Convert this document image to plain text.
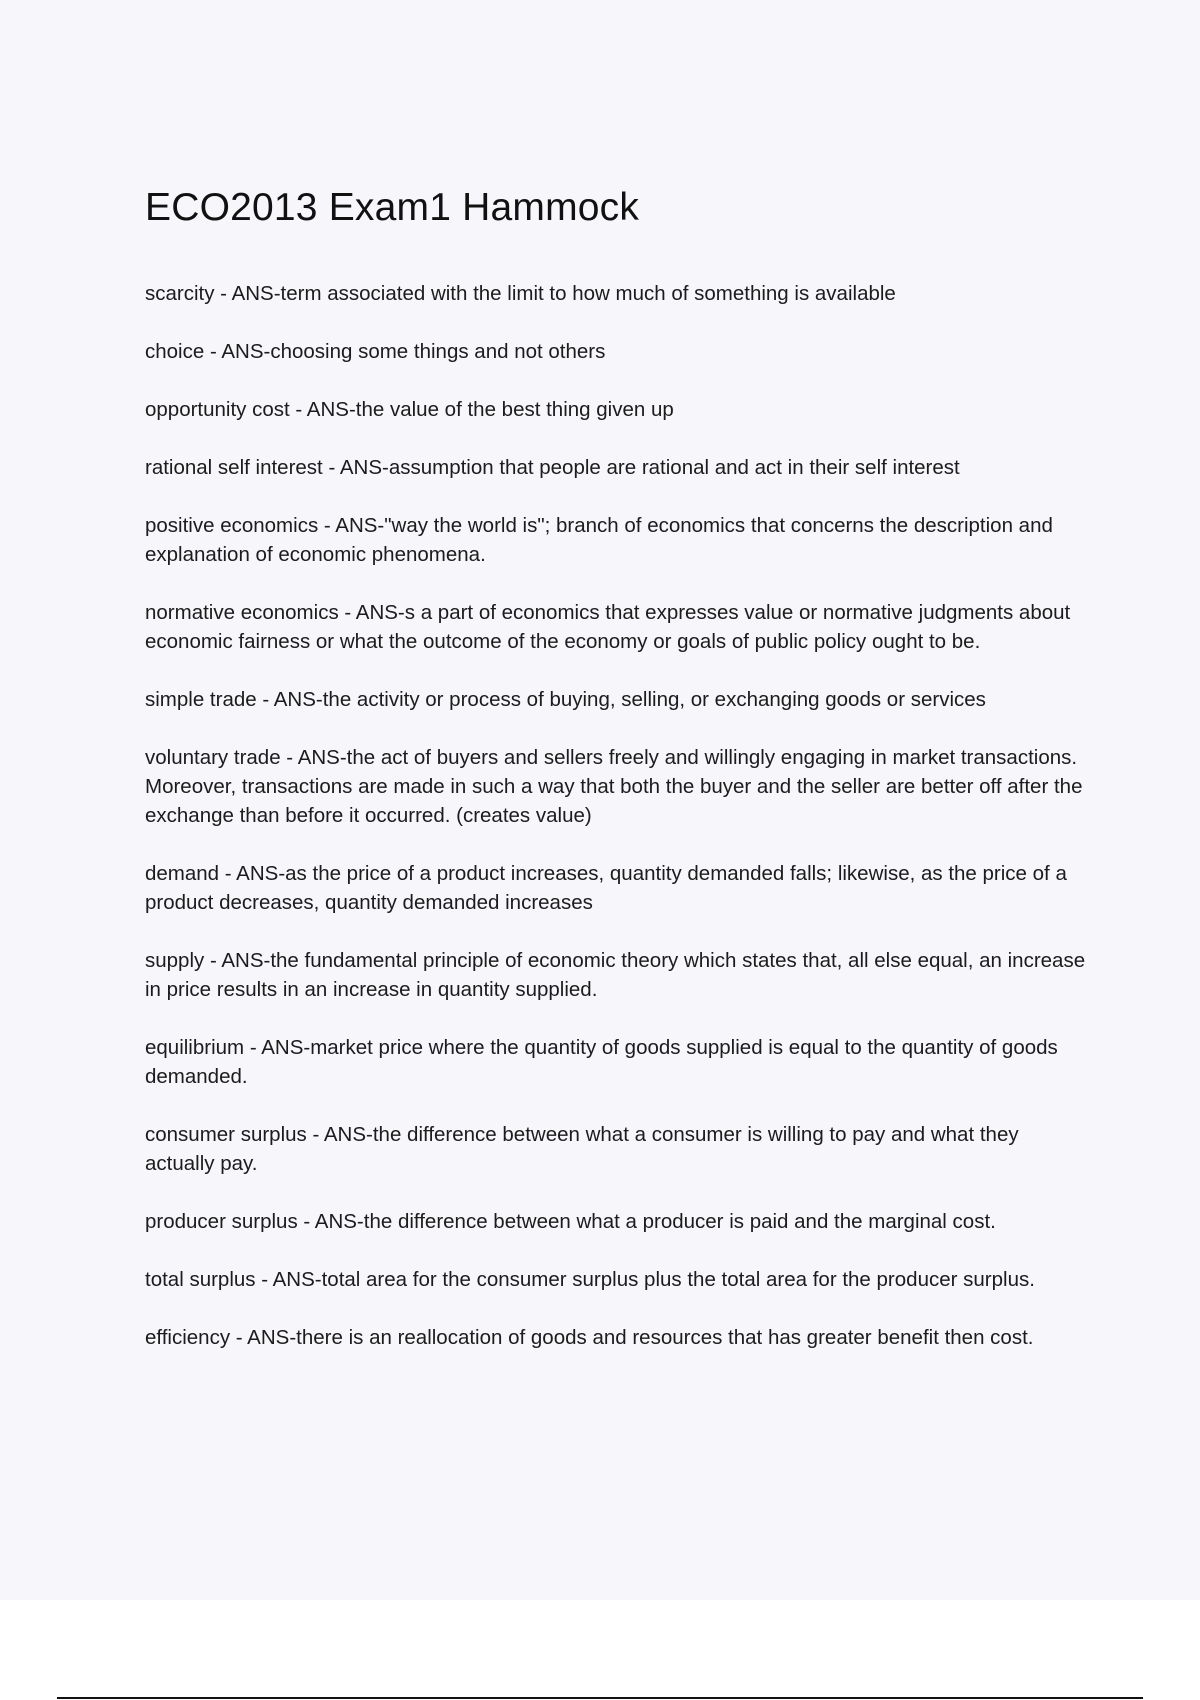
ECO2013 Exam1 Hammock
scarcity - ANS-term associated with the limit to how much of something is available
choice - ANS-choosing some things and not others
opportunity cost - ANS-the value of the best thing given up
rational self interest - ANS-assumption that people are rational and act in their self interest
positive economics - ANS-"way the world is"; branch of economics that concerns the description and explanation of economic phenomena.
normative economics - ANS-s a part of economics that expresses value or normative judgments about economic fairness or what the outcome of the economy or goals of public policy ought to be.
simple trade - ANS-the activity or process of buying, selling, or exchanging goods or services
voluntary trade - ANS-the act of buyers and sellers freely and willingly engaging in market transactions. Moreover, transactions are made in such a way that both the buyer and the seller are better off after the exchange than before it occurred. (creates value)
demand - ANS-as the price of a product increases, quantity demanded falls; likewise, as the price of a product decreases, quantity demanded increases
supply - ANS-the fundamental principle of economic theory which states that, all else equal, an increase in price results in an increase in quantity supplied.
equilibrium - ANS-market price where the quantity of goods supplied is equal to the quantity of goods demanded.
consumer surplus - ANS-the difference between what a consumer is willing to pay and what they actually pay.
producer surplus - ANS-the difference between what a producer is paid and the marginal cost.
total surplus - ANS-total area for the consumer surplus plus the total area for the producer surplus.
efficiency - ANS-there is an reallocation of goods and resources that has greater benefit then cost.
